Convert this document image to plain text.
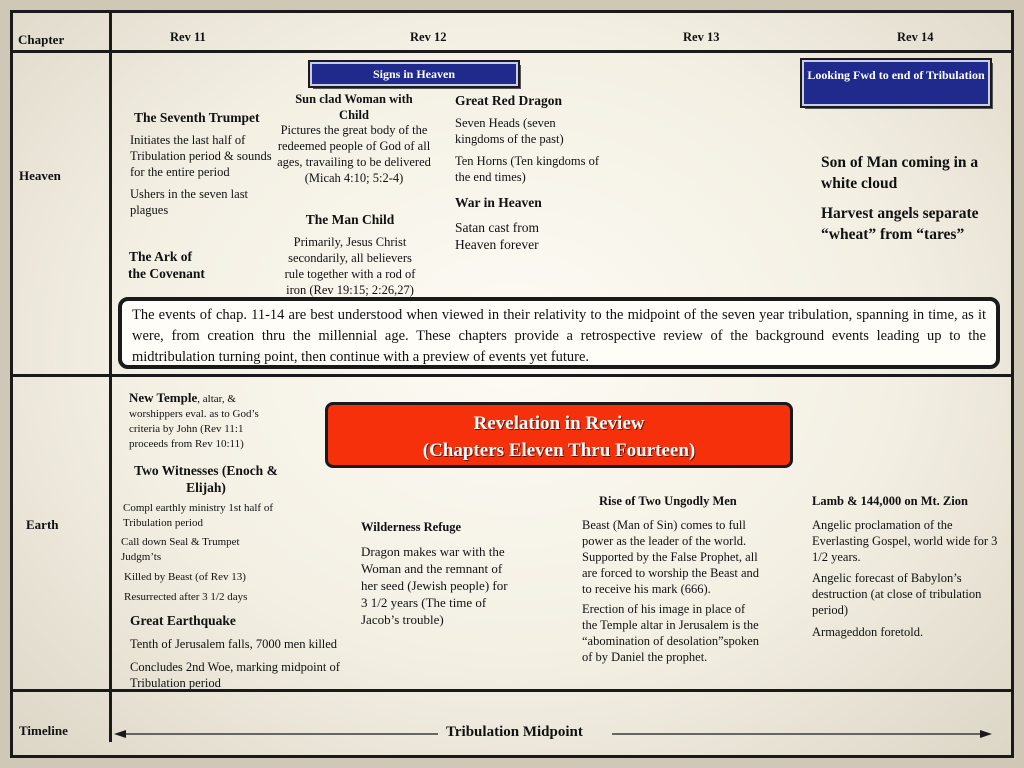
Chapter	Rev 11	Rev 12	Rev 13	Rev 14
Heaven
Earth
Timeline
Signs in Heaven	Looking Fwd to end of Tribulation
The Seventh Trumpet
Initiates the last half of Tribulation period & sounds for the entire period
Ushers in the seven last plagues
The Ark of
the Covenant
Sun clad Woman with Child
Pictures the great body of the redeemed people of God of all ages, travailing to be delivered (Micah 4:10; 5:2-4)
The Man Child
Primarily, Jesus Christ secondarily, all believers rule together with a rod of iron (Rev 19:15; 2:26,27)
Great Red Dragon
Seven Heads (seven kingdoms of the past)
Ten Horns (Ten kingdoms of the end times)
War in Heaven
Satan cast from Heaven forever
Son of Man coming in a white cloud
Harvest angels separate “wheat” from “tares”
The events of chap. 11-14 are best understood when viewed in their relativity to the midpoint of the seven year tribulation, spanning in time, as it were, from creation thru the millennial age. These chapters provide a retrospective review of the background events leading up to the midtribulation turning point, then continue with a preview of events yet future.
Revelation in Review
(Chapters Eleven Thru Fourteen)
New Temple, altar, & worshippers eval. as to God’s criteria by John (Rev 11:1 proceeds from Rev 10:11)
Two Witnesses (Enoch & Elijah)
Compl earthly ministry 1st half of Tribulation period
Call down Seal & Trumpet Judgm’ts
Killed by Beast (of Rev 13)
Resurrected after 3 1/2 days
Great Earthquake
Tenth of Jerusalem falls, 7000 men killed
Concludes 2nd Woe, marking midpoint of Tribulation period
Wilderness Refuge
Dragon makes war with the Woman and the remnant of her seed (Jewish people) for 3 1/2 years (The time of Jacob’s trouble)
Rise of Two Ungodly Men
Beast (Man of Sin) comes to full power as the leader of the world. Supported by the False Prophet, all are forced to worship the Beast and to receive his mark (666).
Erection of his image in place of the Temple altar in Jerusalem is the “abomination of desolation”spoken of by Daniel the prophet.
Lamb & 144,000 on Mt. Zion
Angelic proclamation of the Everlasting Gospel, world wide for 3 1/2 years.
Angelic forecast of Babylon’s destruction (at close of tribulation period)
Armageddon foretold.
Tribulation Midpoint
